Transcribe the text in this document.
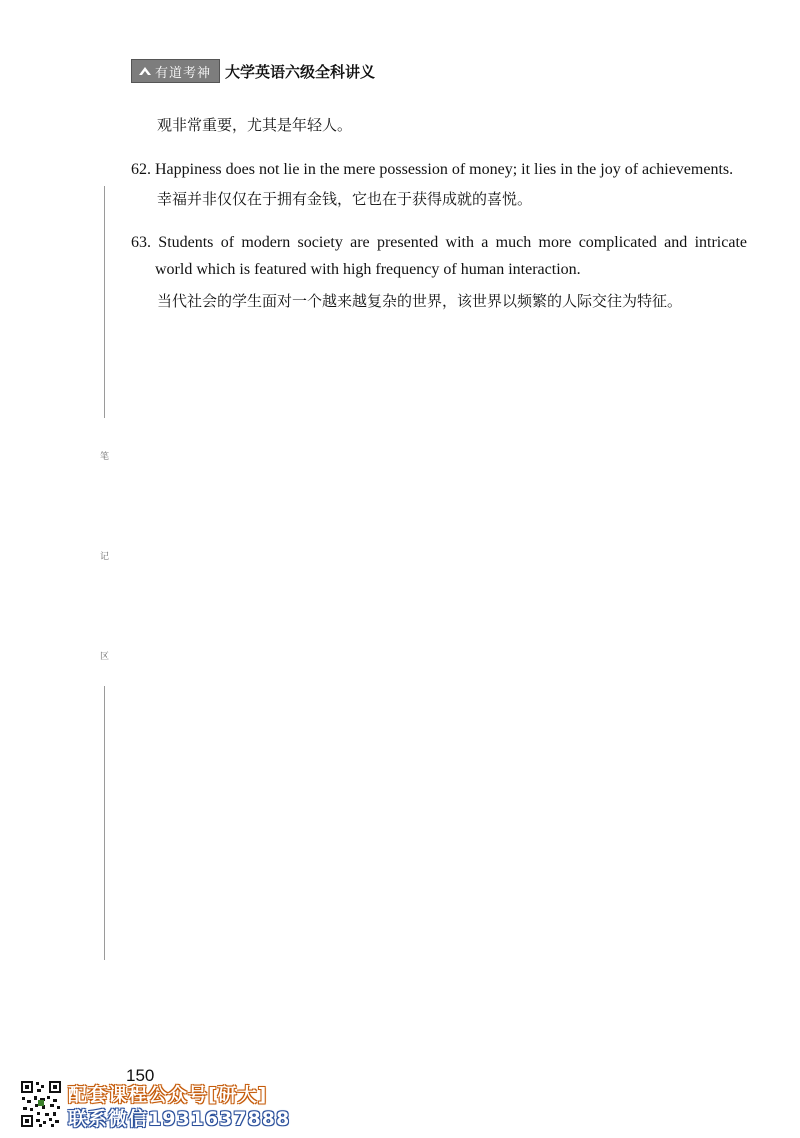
有道考神 大学英语六级全科讲义
观非常重要，尤其是年轻人。
62. Happiness does not lie in the mere possession of money; it lies in the joy of achievements.
幸福并非仅仅在于拥有金钱，它也在于获得成就的喜悦。
63. Students of modern society are presented with a much more complicated and intricate
world which is featured with high frequency of human interaction.
当代社会的学生面对一个越来越复杂的世界，该世界以频繁的人际交往为特征。
笔
记
区
150
配套课程公众号[研大]
联系微信1931637888
